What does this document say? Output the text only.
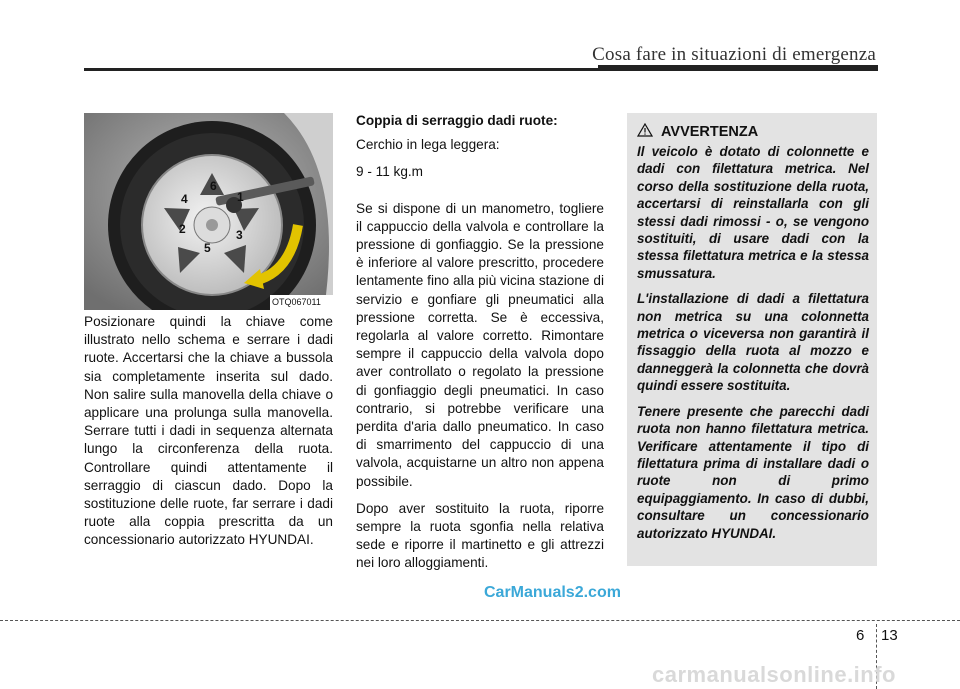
Cosa fare in situazioni di emergenza
6
1
4
2	3
5
OTQ067011
Posizionare quindi la chiave come illustrato nello schema e serrare i dadi ruote. Accertarsi che la chiave a bussola sia completamente inserita sul dado. Non salire sulla manovella della chiave o applicare una prolunga sulla manovella. Serrare tutti i dadi in sequenza alternata lungo la circonferenza della ruota. Controllare quindi attentamente il serraggio di ciascun dado. Dopo la sostituzione delle ruote, far serrare i dadi ruote alla coppia prescritta da un concessionario autorizzato HYUNDAI.

Coppia di serraggio dadi ruote:

Cerchio in lega leggera:

9 - 11 kg.m

Se si dispone di un manometro, togliere il cappuccio della valvola e controllare la pressione di gonfiaggio. Se la pressione è inferiore al valore prescritto, procedere lentamente fino alla più vicina stazione di servizio e gonfiare gli pneumatici alla pressione corretta. Se è eccessiva, regolarla al valore corretto. Rimontare sempre il cappuccio della valvola dopo aver controllato o regolato la pressione di gonfiaggio degli pneumatici. In caso contrario, si potrebbe verificare una perdita d'aria dallo pneumatico. In caso di smarrimento del cappuccio di una valvola, acquistarne un altro non appena possibile.

Dopo aver sostituito la ruota, riporre sempre la ruota sgonfia nella relativa sede e riporre il martinetto e gli attrezzi nei loro alloggiamenti.

AVVERTENZA

Il veicolo è dotato di colonnette e dadi con filettatura metrica. Nel corso della sostituzione della ruota, accertarsi di reinstallarla con gli stessi dadi rimossi - o, se vengono sostituiti, di usare dadi con la stessa filettatura metrica e la stessa smussatura.

L'installazione di dadi a filettatura non metrica su una colonnetta metrica o viceversa non garantirà il fissaggio della ruota al mozzo e danneggerà la colonnetta che dovrà quindi essere sostituita.

Tenere presente che parecchi dadi ruota non hanno filettatura metrica. Verificare attentamente il tipo di filettatura prima di installare dadi o ruote non di primo equipaggiamento. In caso di dubbi, consultare un concessionario autorizzato HYUNDAI.

CarManuals2.com
6 13
carmanualsonline.info
